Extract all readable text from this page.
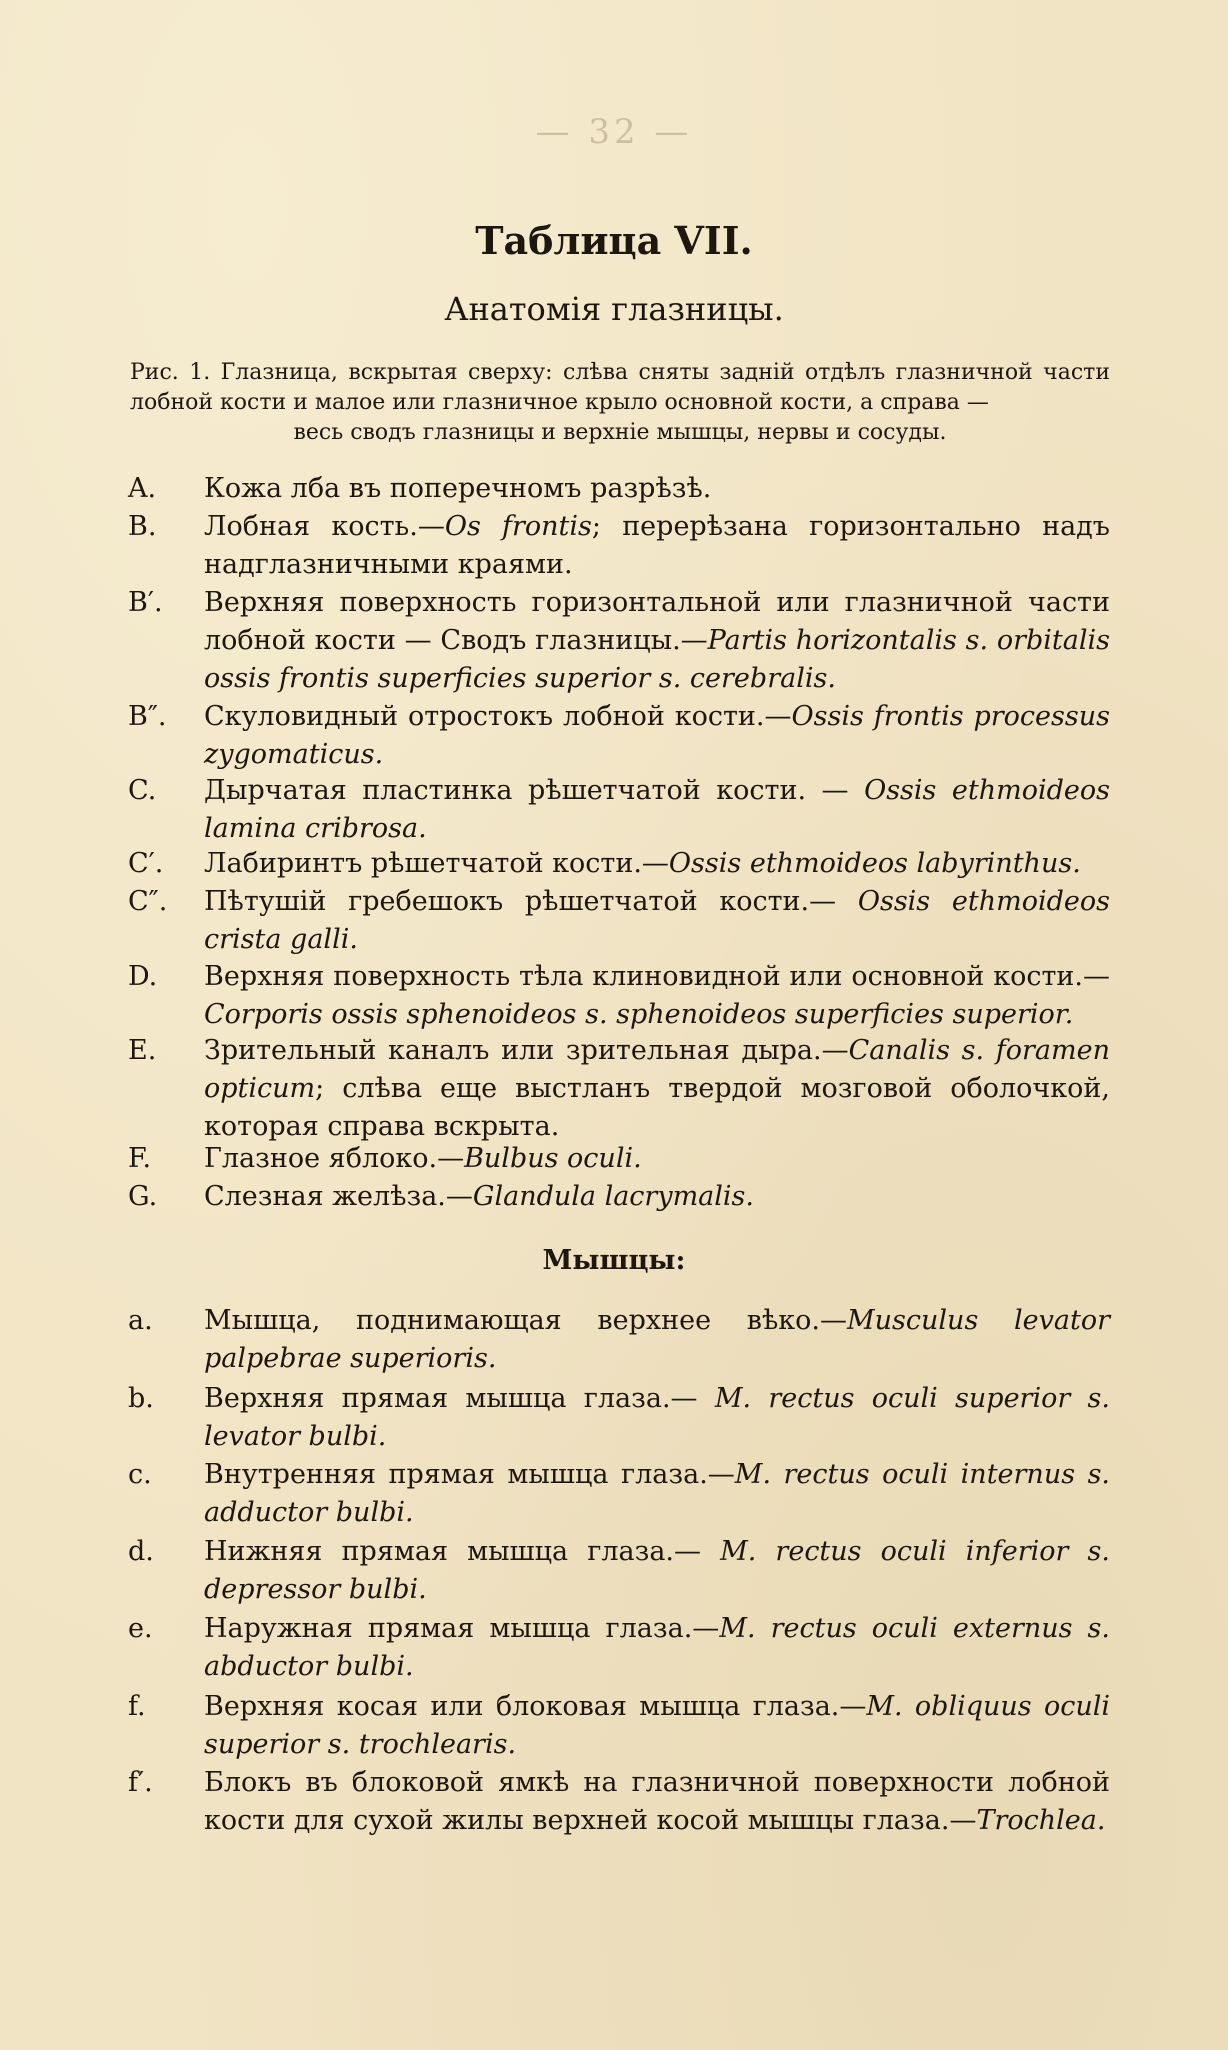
— 32 —
Таблица VII.
Анатомія глазницы.
Рис. 1. Глазница, вскрытая сверху: слѣва сняты задній отдѣлъ глазничной части лобной кости и малое или глазничное крыло основной кости, а справа —
весь сводъ глазницы и верхніе мышцы, нервы и сосуды.
A.	Кожа лба въ поперечномъ разрѣзѣ.
B.	Лобная кость.—Os frontis; перерѣзана горизонтально надъ надглазничными краями.
B′.	Верхняя поверхность горизонтальной или глазничной части лобной кости — Сводъ глазницы.—Partis horizontalis s. orbitalis ossis frontis superficies superior s. cerebralis.
B″.	Скуловидный отростокъ лобной кости.—Ossis frontis processus zygomaticus.
C.	Дырчатая пластинка рѣшетчатой кости. — Ossis ethmoideos lamina cribrosa.
C′.	Лабиринтъ рѣшетчатой кости.—Ossis ethmoideos labyrinthus.
C″.	Пѣтушій гребешокъ рѣшетчатой кости.— Ossis ethmoideos crista galli.
D.	Верхняя поверхность тѣла клиновидной или основной кости.— Corporis ossis sphenoideos s. sphenoideos superficies superior.
E.	Зрительный каналъ или зрительная дыра.—Canalis s. foramen opticum; слѣва еще выстланъ твердой мозговой оболочкой, которая справа вскрыта.
F.	Глазное яблоко.—Bulbus oculi.
G.	Слезная желѣза.—Glandula lacrymalis.
Мышцы:
a.	Мышца, поднимающая верхнее вѣко.—Musculus levator palpebrae superioris.
b.	Верхняя прямая мышца глаза.— M. rectus oculi superior s. levator bulbi.
c.	Внутренняя прямая мышца глаза.—M. rectus oculi internus s. adductor bulbi.
d.	Нижняя прямая мышца глаза.— M. rectus oculi inferior s. depressor bulbi.
e.	Наружная прямая мышца глаза.—M. rectus oculi externus s. abductor bulbi.
f.	Верхняя косая или блоковая мышца глаза.—M. obliquus oculi superior s. trochlearis.
f′.	Блокъ въ блоковой ямкѣ на глазничной поверхности лобной кости для сухой жилы верхней косой мышцы глаза.—Trochlea.
